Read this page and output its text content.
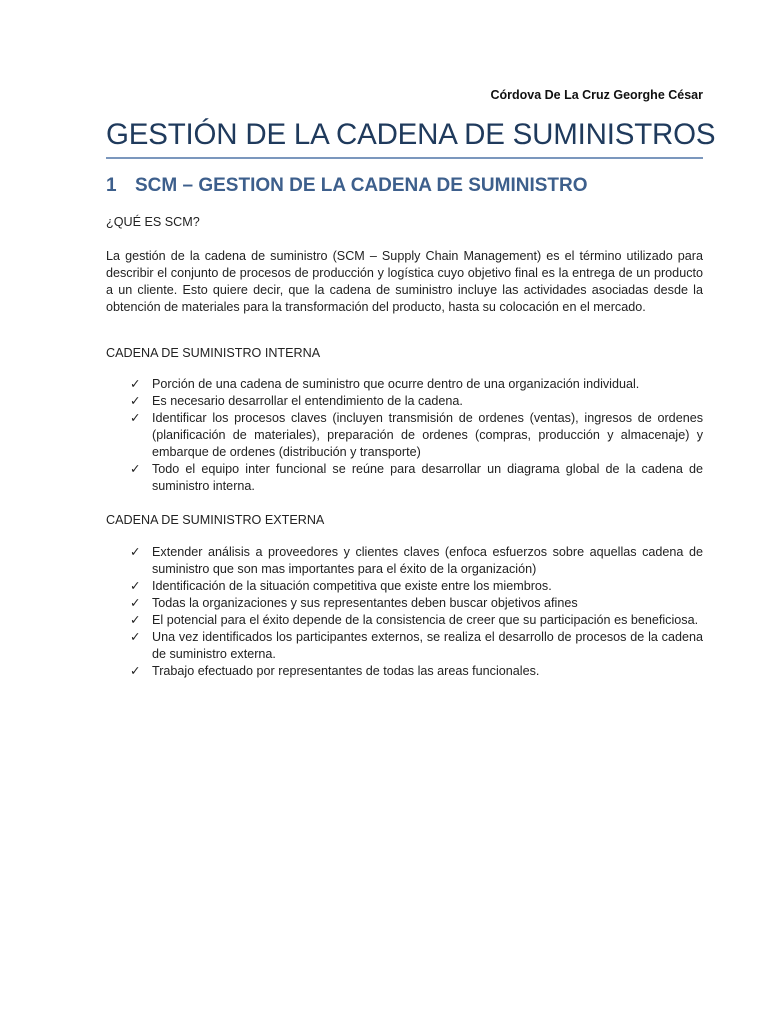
Córdova De La Cruz Georghe César
GESTIÓN DE LA CADENA DE SUMINISTROS
1 SCM – GESTION DE LA CADENA DE SUMINISTRO
¿QUÉ ES SCM?
La gestión de la cadena de suministro (SCM – Supply Chain Management) es el término utilizado para describir el conjunto de procesos de producción y logística cuyo objetivo final es la entrega de un producto a un cliente. Esto quiere decir, que la cadena de suministro incluye las actividades asociadas desde la obtención de materiales para la transformación del producto, hasta su colocación en el mercado.
CADENA DE SUMINISTRO INTERNA
✓ Porción de una cadena de suministro que ocurre dentro de una organización individual.
✓ Es necesario desarrollar el entendimiento de la cadena.
✓ Identificar los procesos claves (incluyen transmisión de ordenes (ventas), ingresos de ordenes (planificación de materiales), preparación de ordenes (compras, producción y almacenaje) y embarque de ordenes (distribución y transporte)
✓ Todo el equipo inter funcional se reúne para desarrollar un diagrama global de la cadena de suministro interna.
CADENA DE SUMINISTRO EXTERNA
✓ Extender análisis a proveedores y clientes claves (enfoca esfuerzos sobre aquellas cadena de suministro que son mas importantes para el éxito de la organización)
✓ Identificación de la situación competitiva que existe entre los miembros.
✓ Todas la organizaciones y sus representantes deben buscar objetivos afines
✓ El potencial para el éxito depende de la consistencia de creer que su participación es beneficiosa.
✓ Una vez identificados los participantes externos, se realiza el desarrollo de procesos de la cadena de suministro externa.
✓ Trabajo efectuado por representantes de todas las areas funcionales.
